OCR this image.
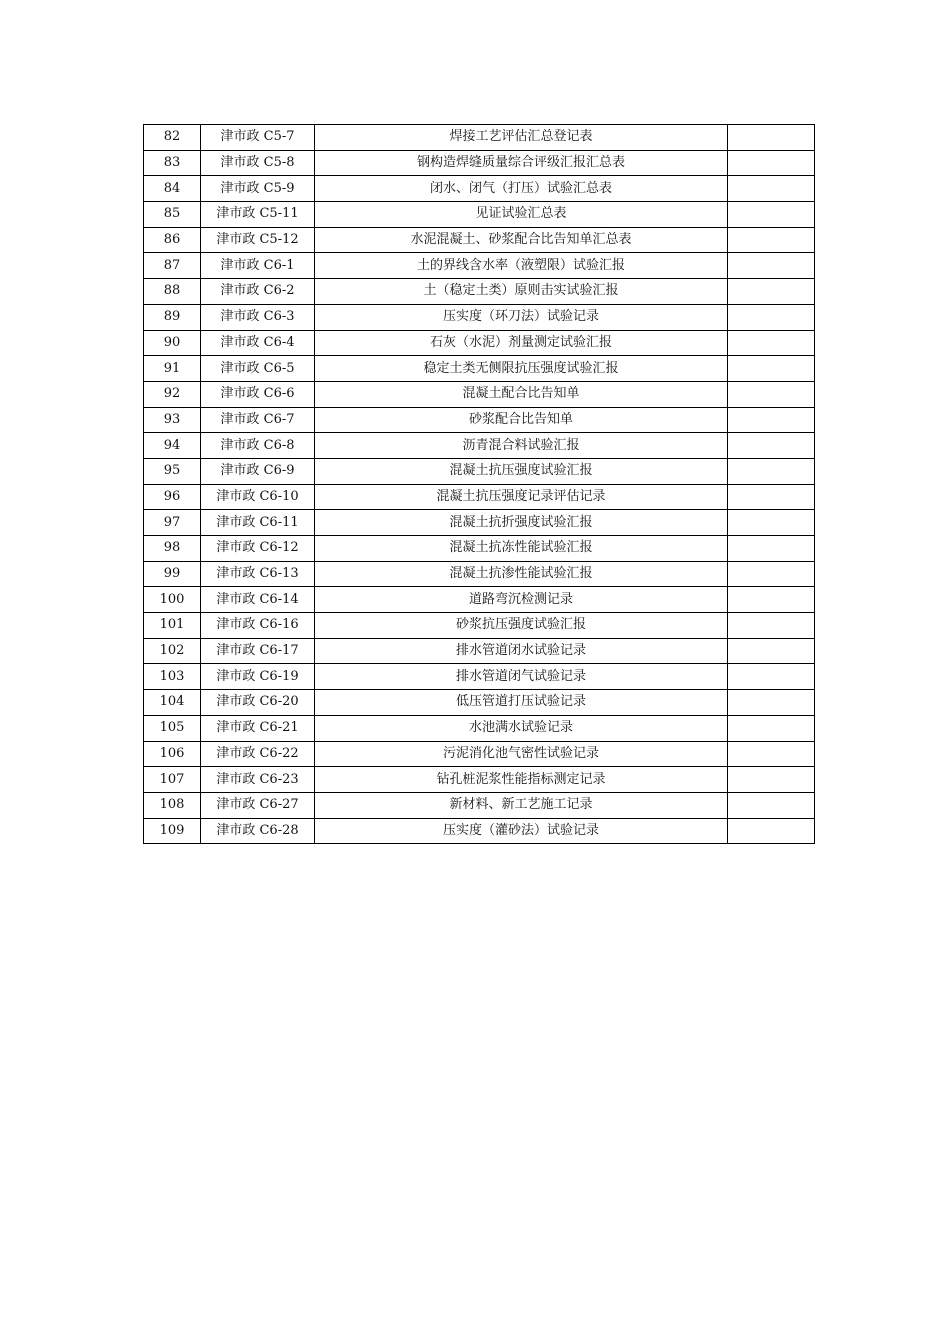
82	津市政 C5-7	焊接工艺评估汇总登记表	
83	津市政 C5-8	钢构造焊缝质量综合评级汇报汇总表	
84	津市政 C5-9	闭水、闭气（打压）试验汇总表	
85	津市政 C5-11	见证试验汇总表	
86	津市政 C5-12	水泥混凝土、砂浆配合比告知单汇总表	
87	津市政 C6-1	土的界线含水率（液塑限）试验汇报	
88	津市政 C6-2	土（稳定土类）原则击实试验汇报	
89	津市政 C6-3	压实度（环刀法）试验记录	
90	津市政 C6-4	石灰（水泥）剂量测定试验汇报	
91	津市政 C6-5	稳定土类无侧限抗压强度试验汇报	
92	津市政 C6-6	混凝土配合比告知单	
93	津市政 C6-7	砂浆配合比告知单	
94	津市政 C6-8	沥青混合料试验汇报	
95	津市政 C6-9	混凝土抗压强度试验汇报	
96	津市政 C6-10	混凝土抗压强度记录评估记录	
97	津市政 C6-11	混凝土抗折强度试验汇报	
98	津市政 C6-12	混凝土抗冻性能试验汇报	
99	津市政 C6-13	混凝土抗渗性能试验汇报	
100	津市政 C6-14	道路弯沉检测记录	
101	津市政 C6-16	砂浆抗压强度试验汇报	
102	津市政 C6-17	排水管道闭水试验记录	
103	津市政 C6-19	排水管道闭气试验记录	
104	津市政 C6-20	低压管道打压试验记录	
105	津市政 C6-21	水池满水试验记录	
106	津市政 C6-22	污泥消化池气密性试验记录	
107	津市政 C6-23	钻孔桩泥浆性能指标测定记录	
108	津市政 C6-27	新材料、新工艺施工记录	
109	津市政 C6-28	压实度（灌砂法）试验记录	
